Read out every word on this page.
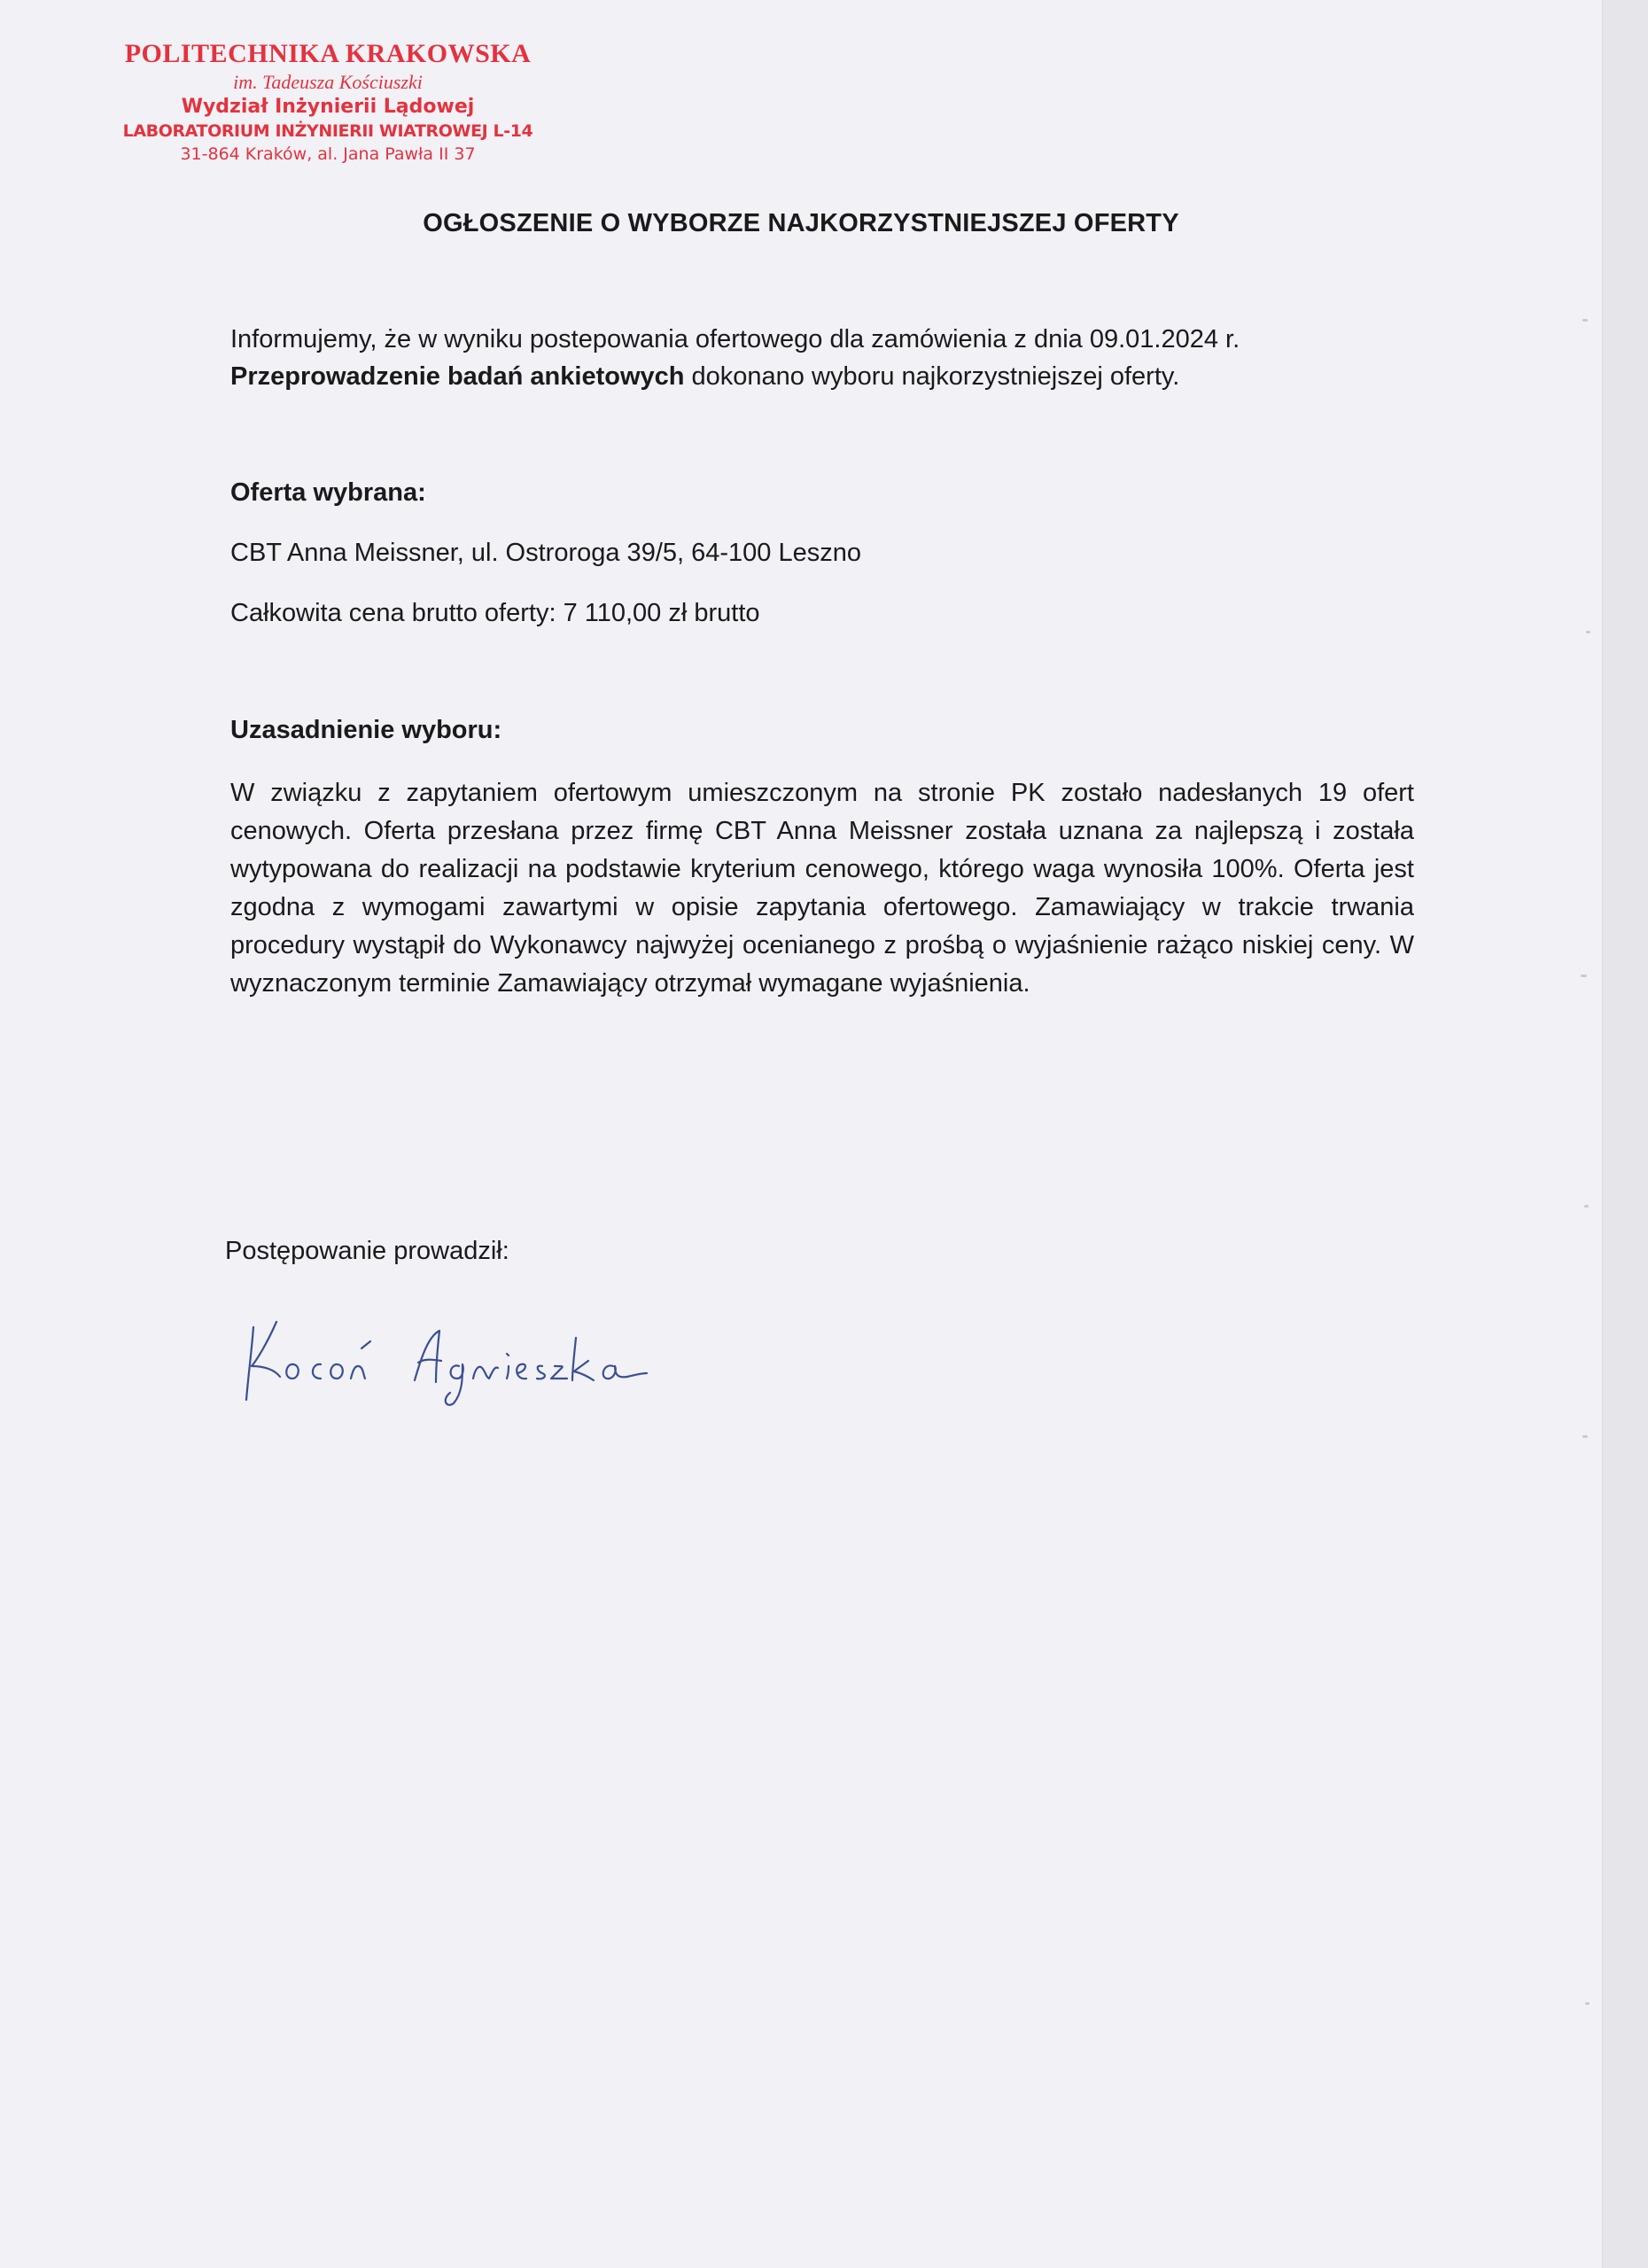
POLITECHNIKA KRAKOWSKA
im. Tadeusza Kościuszki
Wydział Inżynierii Lądowej
LABORATORIUM INŻYNIERII WIATROWEJ L-14
31-864 Kraków, al. Jana Pawła II 37
OGŁOSZENIE O WYBORZE NAJKORZYSTNIEJSZEJ OFERTY
Informujemy, że w wyniku postepowania ofertowego dla zamówienia z dnia 09.01.2024 r.
Przeprowadzenie badań ankietowych dokonano wyboru najkorzystniejszej oferty.
Oferta wybrana:
CBT Anna Meissner, ul. Ostroroga 39/5, 64-100 Leszno
Całkowita cena brutto oferty: 7 110,00 zł brutto
Uzasadnienie wyboru:
W związku z zapytaniem ofertowym umieszczonym na stronie PK zostało nadesłanych 19 ofert cenowych. Oferta przesłana przez firmę CBT Anna Meissner została uznana za najlepszą i została wytypowana do realizacji na podstawie kryterium cenowego, którego waga wynosiła 100%. Oferta jest zgodna z wymogami zawartymi w opisie zapytania ofertowego. Zamawiający w trakcie trwania procedury wystąpił do Wykonawcy najwyżej ocenianego z prośbą o wyjaśnienie rażąco niskiej ceny. W wyznaczonym terminie Zamawiający otrzymał wymagane wyjaśnienia.
Postępowanie prowadził:
